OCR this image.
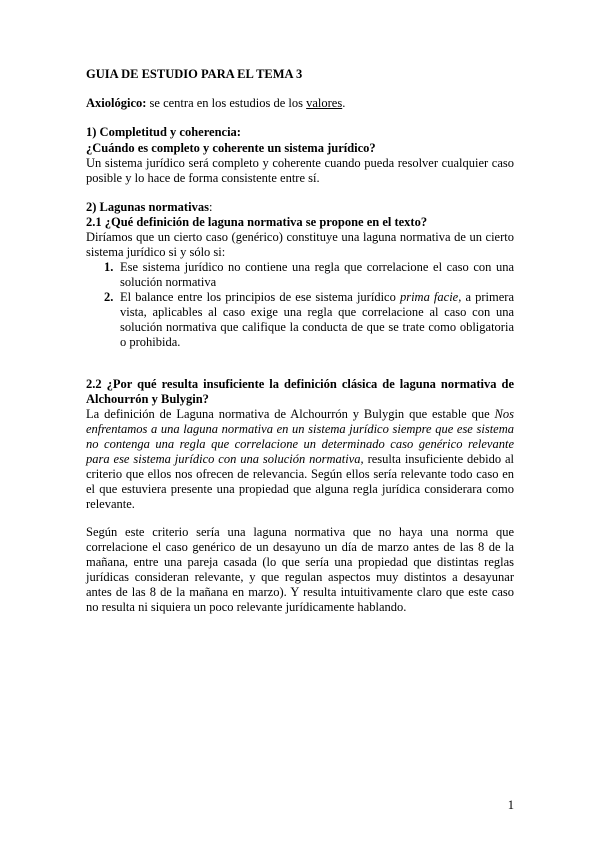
GUIA DE ESTUDIO PARA EL TEMA 3

Axiológico: se centra en los estudios de los valores.

1) Completitud y coherencia:

¿Cuándo es completo y coherente un sistema jurídico?

Un sistema jurídico será completo y coherente cuando pueda resolver cualquier caso posible y lo hace de forma consistente entre sí.

2) Lagunas normativas:

2.1 ¿Qué definición de laguna normativa se propone en el texto?

Diríamos que un cierto caso (genérico) constituye una laguna normativa de un cierto sistema jurídico si y sólo si:

1. Ese sistema jurídico no contiene una regla que correlacione el caso con una solución normativa
2. El balance entre los principios de ese sistema jurídico prima facie, a primera vista, aplicables al caso exige una regla que correlacione al caso con una solución normativa que califique la conducta de que se trate como obligatoria o prohibida.

2.2 ¿Por qué resulta insuficiente la definición clásica de laguna normativa de Alchourrón y Bulygin?

La definición de Laguna normativa de Alchourrón y Bulygin que estable que Nos enfrentamos a una laguna normativa en un sistema jurídico siempre que ese sistema no contenga una regla que correlacione un determinado caso genérico relevante para ese sistema jurídico con una solución normativa, resulta insuficiente debido al criterio que ellos nos ofrecen de relevancia. Según ellos sería relevante todo caso en el que estuviera presente una propiedad que alguna regla jurídica considerara como relevante.

Según este criterio sería una laguna normativa que no haya una norma que correlacione el caso genérico de un desayuno un día de marzo antes de las 8 de la mañana, entre una pareja casada (lo que sería una propiedad que distintas reglas jurídicas consideran relevante, y que regulan aspectos muy distintos a desayunar antes de las 8 de la mañana en marzo). Y resulta intuitivamente claro que este caso no resulta ni siquiera un poco relevante jurídicamente hablando.

1
